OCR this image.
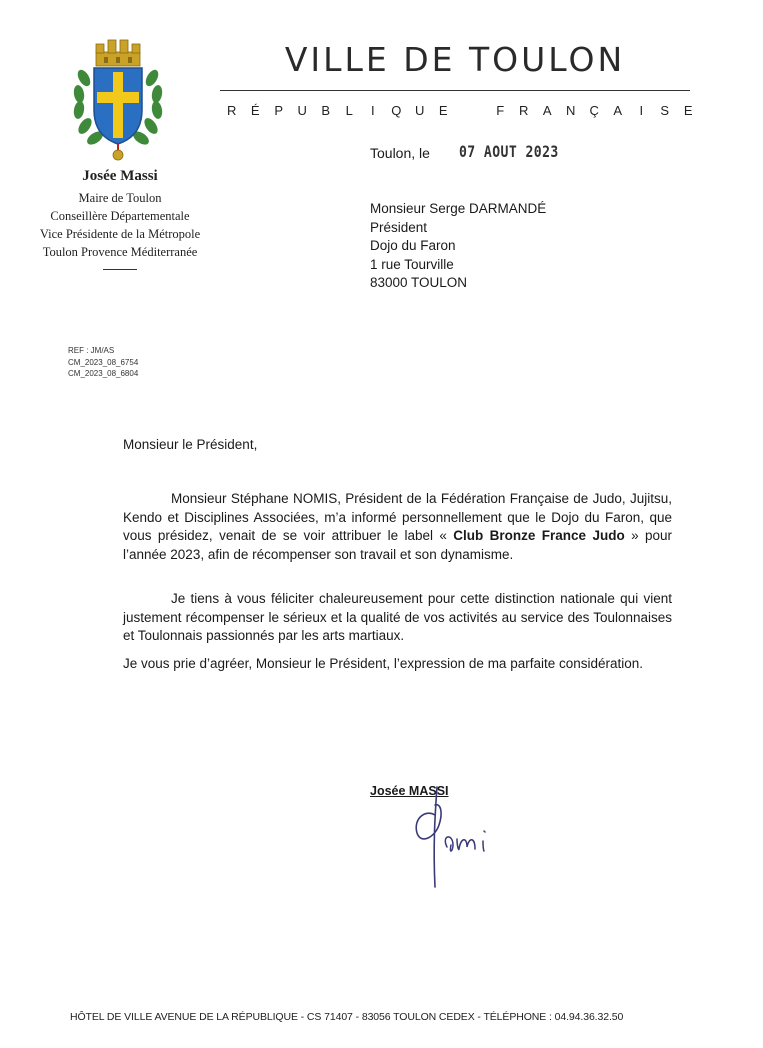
VILLE DE TOULON
R	É	P	U	B	L	I	Q	U	E	F	R	A	N	Ç	A	I	S	E
Josée Massi
Maire de Toulon
Conseillère Départementale
Vice Présidente de la Métropole
Toulon Provence Méditerranée
Toulon, le 07 AOUT 2023
Monsieur Serge DARMANDÉ
Président
Dojo du Faron
1 rue Tourville
83000 TOULON
REF : JM/AS
CM_2023_08_6754
CM_2023_08_6804
Monsieur le Président,
Monsieur Stéphane NOMIS, Président de la Fédération Française de Judo, Jujitsu, Kendo et Disciplines Associées, m’a informé personnellement que le Dojo du Faron, que vous présidez, venait de se voir attribuer le label « Club Bronze France Judo » pour l’année 2023, afin de récompenser son travail et son dynamisme.
Je tiens à vous féliciter chaleureusement pour cette distinction nationale qui vient justement récompenser le sérieux et la qualité de vos activités au service des Toulonnaises et Toulonnais passionnés par les arts martiaux.
Je vous prie d’agréer, Monsieur le Président, l’expression de ma parfaite considération.
Josée MASSI
HÔTEL DE VILLE AVENUE DE LA RÉPUBLIQUE - CS 71407 - 83056 TOULON CEDEX - TÉLÉPHONE : 04.94.36.32.50
